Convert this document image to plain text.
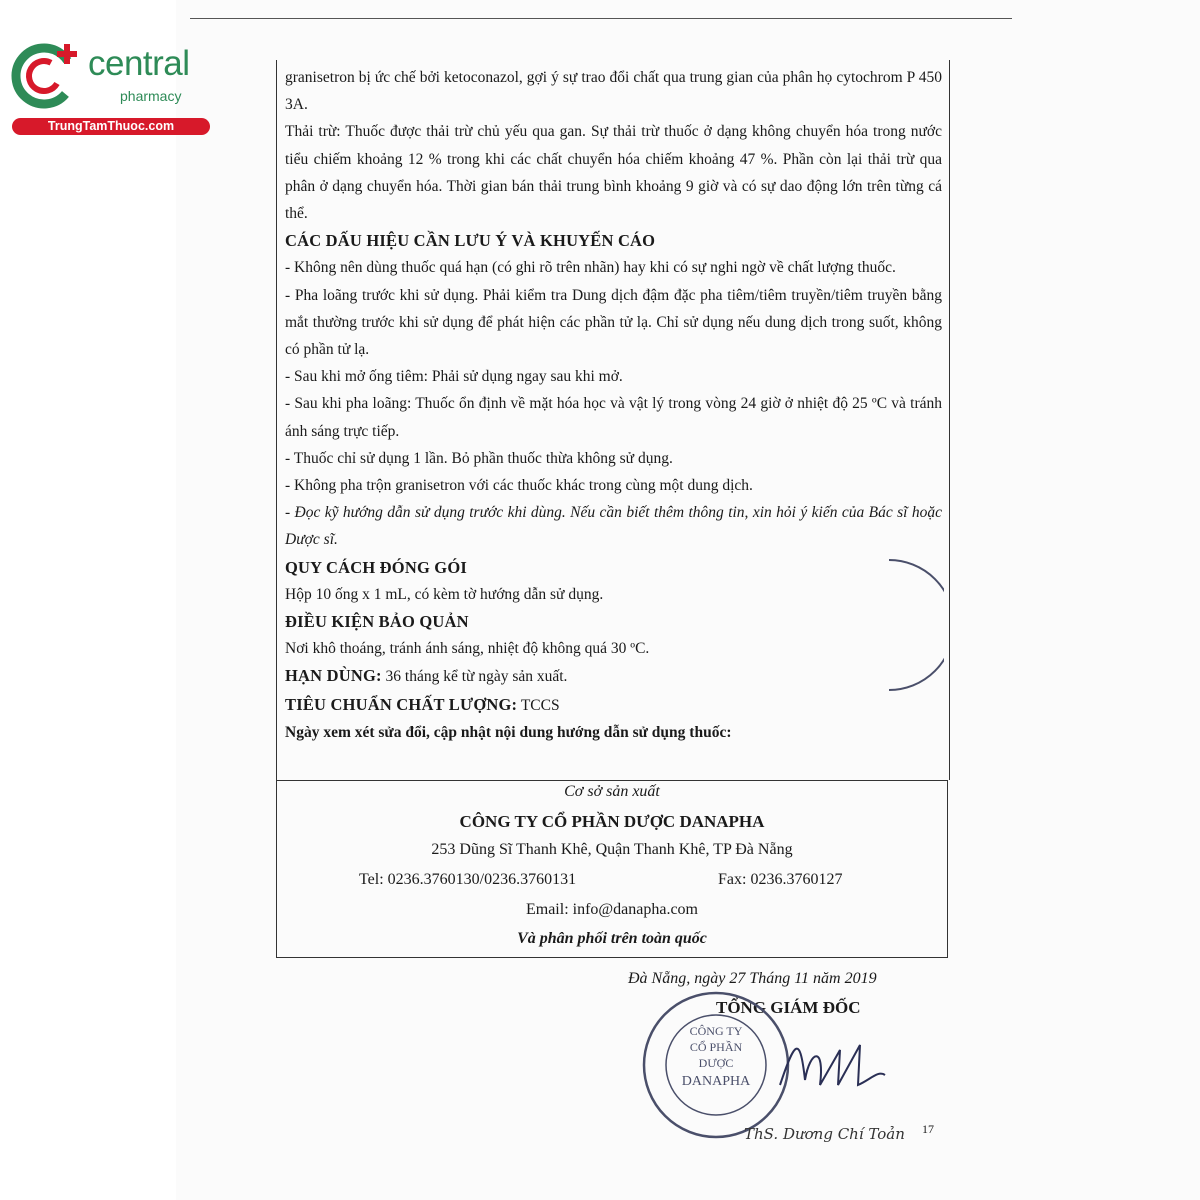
central
pharmacy
TrungTamThuoc.com

granisetron bị ức chế bởi ketoconazol, gợi ý sự trao đổi chất qua trung gian của phân họ cytochrom P 450 3A.

Thải trừ: Thuốc được thải trừ chủ yếu qua gan. Sự thải trừ thuốc ở dạng không chuyển hóa trong nước tiểu chiếm khoảng 12 % trong khi các chất chuyển hóa chiếm khoảng 47 %. Phần còn lại thải trừ qua phân ở dạng chuyển hóa. Thời gian bán thải trung bình khoảng 9 giờ và có sự dao động lớn trên từng cá thể.

CÁC DẤU HIỆU CẦN LƯU Ý VÀ KHUYẾN CÁO

- Không nên dùng thuốc quá hạn (có ghi rõ trên nhãn) hay khi có sự nghi ngờ về chất lượng thuốc.

- Pha loãng trước khi sử dụng. Phải kiểm tra Dung dịch đậm đặc pha tiêm/tiêm truyền/tiêm truyền bằng mắt thường trước khi sử dụng để phát hiện các phần tử lạ. Chỉ sử dụng nếu dung dịch trong suốt, không có phần tử lạ.

- Sau khi mở ống tiêm: Phải sử dụng ngay sau khi mở.

- Sau khi pha loãng: Thuốc ổn định về mặt hóa học và vật lý trong vòng 24 giờ ở nhiệt độ 25 ºC và tránh ánh sáng trực tiếp.

- Thuốc chỉ sử dụng 1 lần. Bỏ phần thuốc thừa không sử dụng.

- Không pha trộn granisetron với các thuốc khác trong cùng một dung dịch.

- Đọc kỹ hướng dẫn sử dụng trước khi dùng. Nếu cần biết thêm thông tin, xin hỏi ý kiến của Bác sĩ hoặc Dược sĩ.

QUY CÁCH ĐÓNG GÓI

Hộp 10 ống x 1 mL, có kèm tờ hướng dẫn sử dụng.

ĐIỀU KIỆN BẢO QUẢN

Nơi khô thoáng, tránh ánh sáng, nhiệt độ không quá 30 ºC.

HẠN DÙNG: 36 tháng kể từ ngày sản xuất.

TIÊU CHUẨN CHẤT LƯỢNG: TCCS

Ngày xem xét sửa đổi, cập nhật nội dung hướng dẫn sử dụng thuốc:

Cơ sở sản xuất
CÔNG TY CỔ PHẦN DƯỢC DANAPHA
253 Dũng Sĩ Thanh Khê, Quận Thanh Khê, TP Đà Nẵng
Tel: 0236.3760130/0236.3760131	Fax: 0236.3760127
Email: info@danapha.com
Và phân phối trên toàn quốc
Đà Nẵng, ngày 27 Tháng 11 năm 2019
TỔNG GIÁM ĐỐC
CÔNG TY
CỔ PHẦN
DƯỢC
DANAPHA
ThS. Dương Chí Toản 17
